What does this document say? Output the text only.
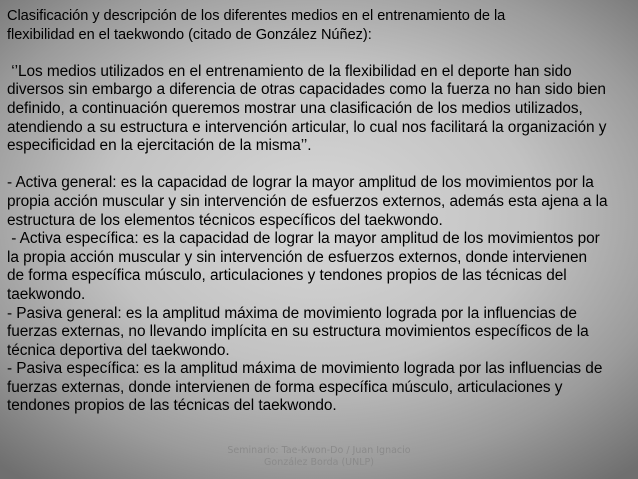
Clasificación y descripción de los diferentes medios en el entrenamiento de la

flexibilidad en el taekwondo (citado de González Núñez):

‘’Los medios utilizados en el entrenamiento de la flexibilidad en el deporte han sido

diversos sin embargo a diferencia de otras capacidades como la fuerza no han sido bien

definido, a continuación queremos mostrar una clasificación de los medios utilizados,

atendiendo a su estructura e intervención articular, lo cual nos facilitará la organización y

especificidad en la ejercitación de la misma’’.

- Activa general: es la capacidad de lograr la mayor amplitud de los movimientos por la

propia acción muscular y sin intervención de esfuerzos externos, además esta ajena a la

estructura de los elementos técnicos específicos del taekwondo.

- Activa específica: es la capacidad de lograr la mayor amplitud de los movimientos por

la propia acción muscular y sin intervención de esfuerzos externos, donde intervienen

de forma específica músculo, articulaciones y tendones propios de las técnicas del

taekwondo.

- Pasiva general: es la amplitud máxima de movimiento lograda por la influencias de

fuerzas externas, no llevando implícita en su estructura movimientos específicos de la

técnica deportiva del taekwondo.

- Pasiva específica: es la amplitud máxima de movimiento lograda por las influencias de

fuerzas externas, donde intervienen de forma específica músculo, articulaciones y

tendones propios de las técnicas del taekwondo.

Seminario: Tae-Kwon-Do / Juan Ignacio
González Borda (UNLP)
